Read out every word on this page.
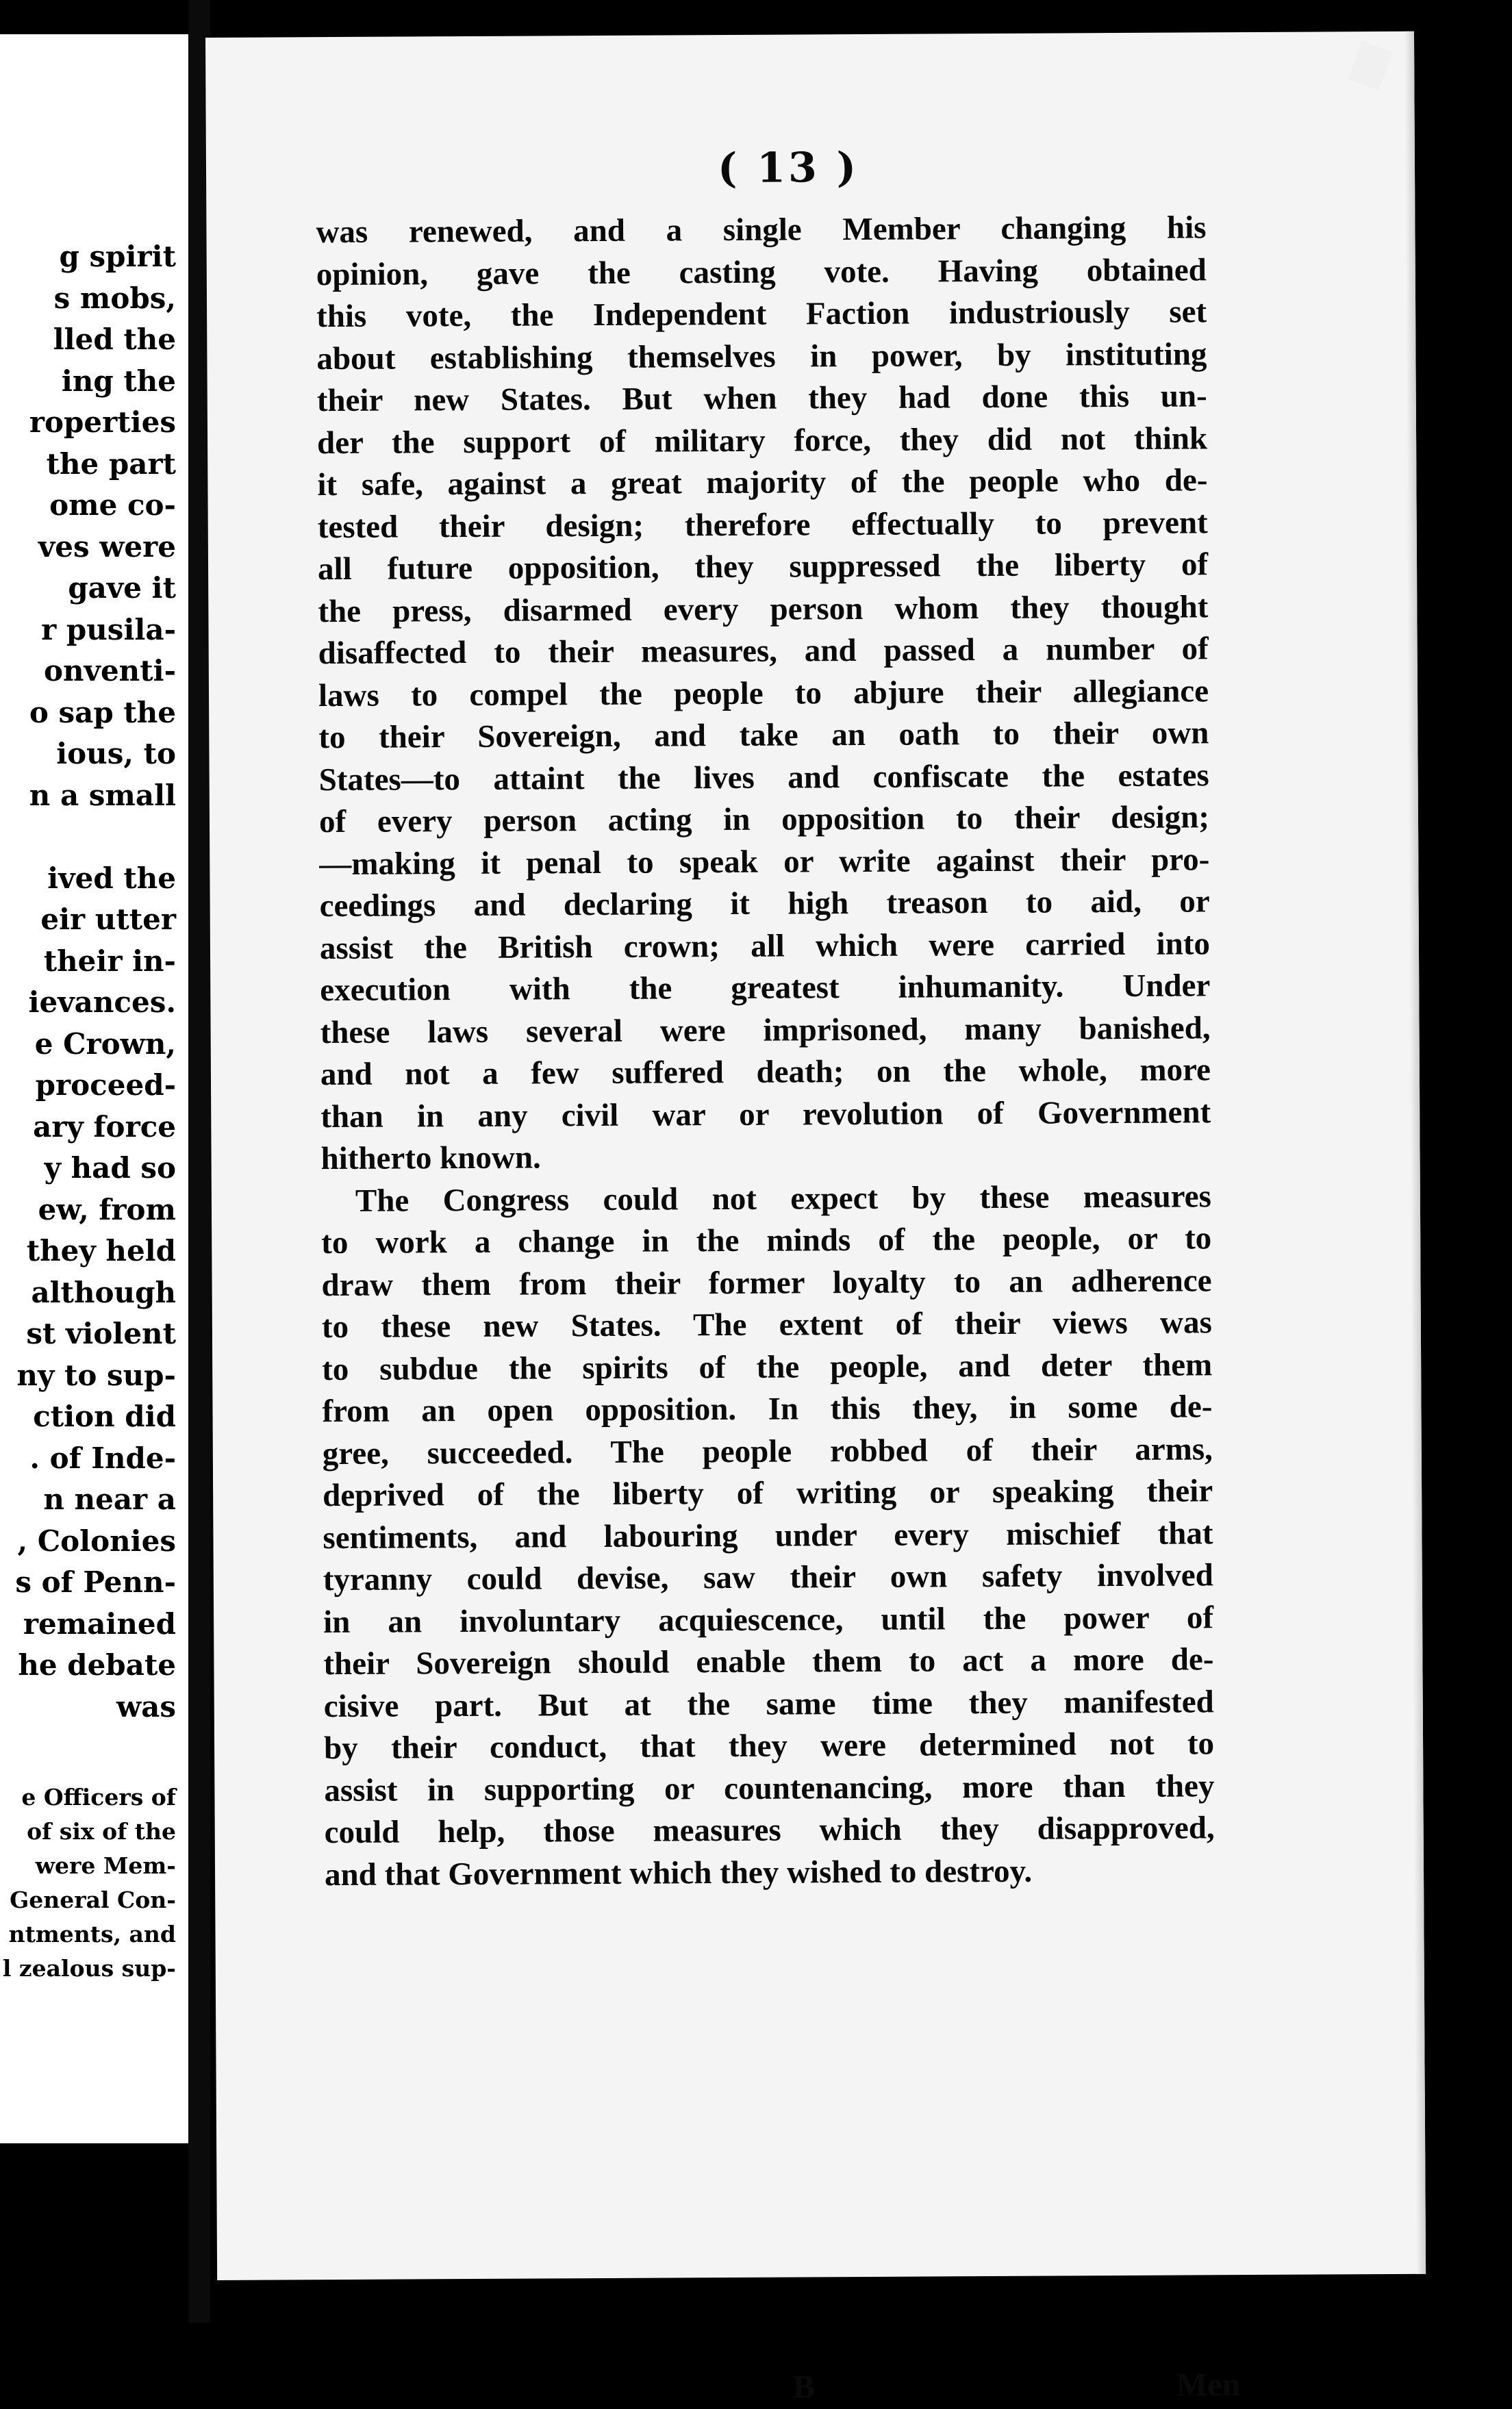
g spirit
s mobs,
lled the
ing the
roperties
the part
ome co-
ves were
gave it
r pusila-
onventi-
o sap the
ious, to
n a small
ived the
eir utter
their in-
ievances.
e Crown,
proceed-
ary force
y had so
ew, from
they held
although
st violent
ny to sup-
ction did
. of Inde-
n near a
, Colonies
s of Penn-
remained
he debate
was
e Officers of
of six of the
were Mem-
General Con-
ntments, and
l zealous sup-
( 13 )
was renewed, and a single Member changing his
opinion, gave the casting vote. Having obtained
this vote, the Independent Faction industriously set
about establishing themselves in power, by instituting
their new States. But when they had done this un-
der the support of military force, they did not think
it safe, against a great majority of the people who de-
tested their design; therefore effectually to prevent
all future opposition, they suppressed the liberty of
the press, disarmed every person whom they thought
disaffected to their measures, and passed a number of
laws to compel the people to abjure their allegiance
to their Sovereign, and take an oath to their own
States—to attaint the lives and confiscate the estates
of every person acting in opposition to their design;
—making it penal to speak or write against their pro-
ceedings and declaring it high treason to aid, or
assist the British crown; all which were carried into
execution with the greatest inhumanity. Under
these laws several were imprisoned, many banished,
and not a few suffered death; on the whole, more
than in any civil war or revolution of Government
hitherto known.
The Congress could not expect by these measures
to work a change in the minds of the people, or to
draw them from their former loyalty to an adherence
to these new States. The extent of their views was
to subdue the spirits of the people, and deter them
from an open opposition. In this they, in some de-
gree, succeeded. The people robbed of their arms,
deprived of the liberty of writing or speaking their
sentiments, and labouring under every mischief that
tyranny could devise, saw their own safety involved
in an involuntary acquiescence, until the power of
their Sovereign should enable them to act a more de-
cisive part. But at the same time they manifested
by their conduct, that they were determined not to
assist in supporting or countenancing, more than they
could help, those measures which they disapproved,
and that Government which they wished to destroy.
B	Men
